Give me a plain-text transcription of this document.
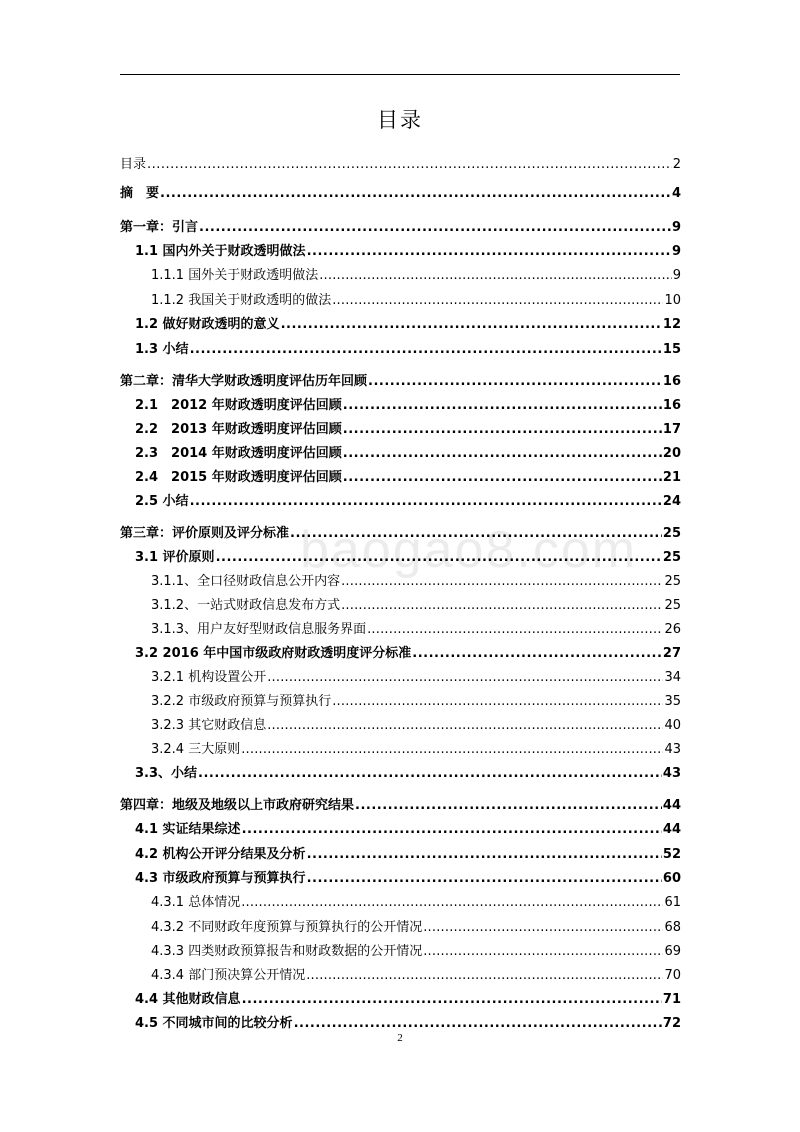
目录
baogao8.com
目录 .....	2
摘　要 .....	4
第一章：引言 .....	9
1.1 国内外关于财政透明做法 .....	9
1.1.1 国外关于财政透明做法 .....	9
1.1.2 我国关于财政透明的做法 .....	10
1.2 做好财政透明的意义 .....	12
1.3 小结 .....	15
第二章：清华大学财政透明度评估历年回顾 .....	16
2.1　2012 年财政透明度评估回顾 .....	16
2.2　2013 年财政透明度评估回顾 .....	17
2.3　2014 年财政透明度评估回顾 .....	20
2.4　2015 年财政透明度评估回顾 .....	21
2.5 小结 .....	24
第三章：评价原则及评分标准 .....	25
3.1 评价原则 .....	25
3.1.1、全口径财政信息公开内容 .....	25
3.1.2、一站式财政信息发布方式 .....	25
3.1.3、用户友好型财政信息服务界面 .....	26
3.2 2016 年中国市级政府财政透明度评分标准 .....	27
3.2.1 机构设置公开 .....	34
3.2.2 市级政府预算与预算执行 .....	35
3.2.3 其它财政信息 .....	40
3.2.4 三大原则 .....	43
3.3、小结 .....	43
第四章：地级及地级以上市政府研究结果 .....	44
4.1 实证结果综述 .....	44
4.2 机构公开评分结果及分析 .....	52
4.3 市级政府预算与预算执行 .....	60
4.3.1 总体情况 .....	61
4.3.2 不同财政年度预算与预算执行的公开情况 .....	68
4.3.3 四类财政预算报告和财政数据的公开情况 .....	69
4.3.4 部门预决算公开情况 .....	70
4.4 其他财政信息 .....	71
4.5 不同城市间的比较分析 .....	72
2
